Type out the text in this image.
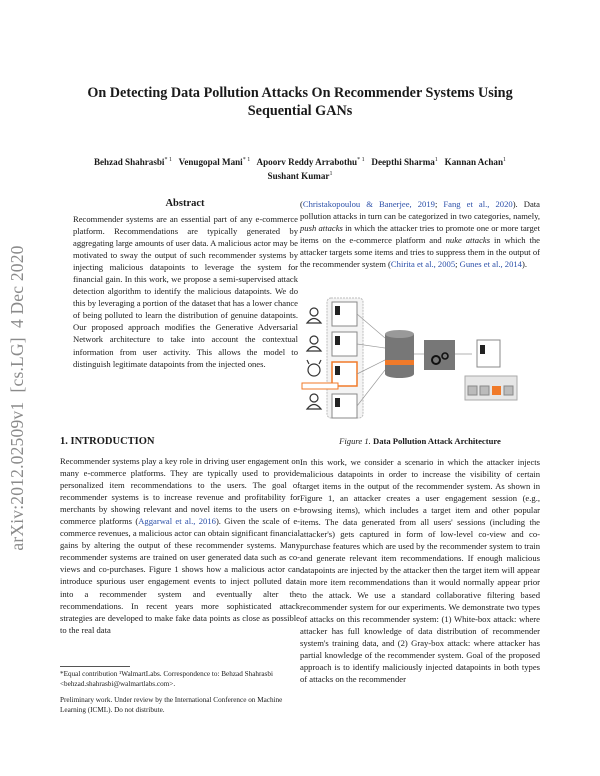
arXiv:2012.02509v1  [cs.LG]  4 Dec 2020
On Detecting Data Pollution Attacks On Recommender Systems Using Sequential GANs
Behzad Shahrasbi$^{* 1}$ Venugopal Mani$^{* 1}$ Apoorv Reddy Arrabothu$^{* 1}$ Deepthi Sharma$^1$ Kannan Achan$^1$
Sushant Kumar$^1$
Abstract
Recommender systems are an essential part of any e-commerce platform. Recommendations are typically generated by aggregating large amounts of user data. A malicious actor may be motivated to sway the output of such recommender systems by injecting malicious datapoints to leverage the system for financial gain. In this work, we propose a semi-supervised attack detection algorithm to identify the malicious datapoints. We do this by leveraging a portion of the dataset that has a lower chance of being polluted to learn the distribution of genuine datapoints. Our proposed approach modifies the Generative Adversarial Network architecture to take into account the contextual information from user activity. This allows the model to distinguish legitimate datapoints from the injected ones.
1. INTRODUCTION
Recommender systems play a key role in driving user engagement on many e-commerce platforms. They are typically used to provide personalized item recommendations to the users. The goal of recommender systems is to increase revenue and profitability for merchants by showing relevant and novel items to the users on e-commerce platforms (Aggarwal et al., 2016). Given the scale of e-commerce revenues, a malicious actor can obtain significant financial gains by altering the output of these recommender systems. Many recommender systems are trained on user generated data such as co-views and co-purchases. Figure 1 shows how a malicious actor can introduce spurious user engagement events to inject polluted data into a recommender system and eventually alter the recommendations. In recent years more sophisticated attack strategies are developed to make fake data points as close as possible to the real data
*Equal contribution ¹WalmartLabs. Correspondence to: Behzad Shahrasbi <behzad.shahrasbi@walmartlabs.com>.
Preliminary work. Under review by the International Conference on Machine Learning (ICML). Do not distribute.
(Christakopoulou & Banerjee, 2019; Fang et al., 2020). Data pollution attacks in turn can be categorized in two categories, namely, push attacks in which the attacker tries to promote one or more target items on the e-commerce platform and nuke attacks in which the attacker targets some items and tries to suppress them in the output of the recommender system (Chirita et al., 2005; Gunes et al., 2014).
Figure 1. Data Pollution Attack Architecture
In this work, we consider a scenario in which the attacker injects malicious datapoints in order to increase the visibility of certain target items in the output of the recommender system. As shown in Figure 1, an attacker creates a user engagement session (e.g., browsing items), which includes a target item and other popular items. The data generated from all users' sessions (including the attacker's) gets captured in form of low-level co-view and co-purchase features which are used by the recommender system to train and generate relevant item recommendations. If enough malicious datapoints are injected by the attacker then the target item will appear in more item recommendations than it would normally appear prior to the attack. We use a standard collaborative filtering based recommender system for our experiments. We demonstrate two types of attacks on this recommender system: (1) White-box attack: where attacker has full knowledge of data distribution of recommender system's training data, and (2) Gray-box attack: where attacker has partial knowledge of the recommender system. Goal of the proposed approach is to identify maliciously injected datapoints in both types of attacks on the recommender
